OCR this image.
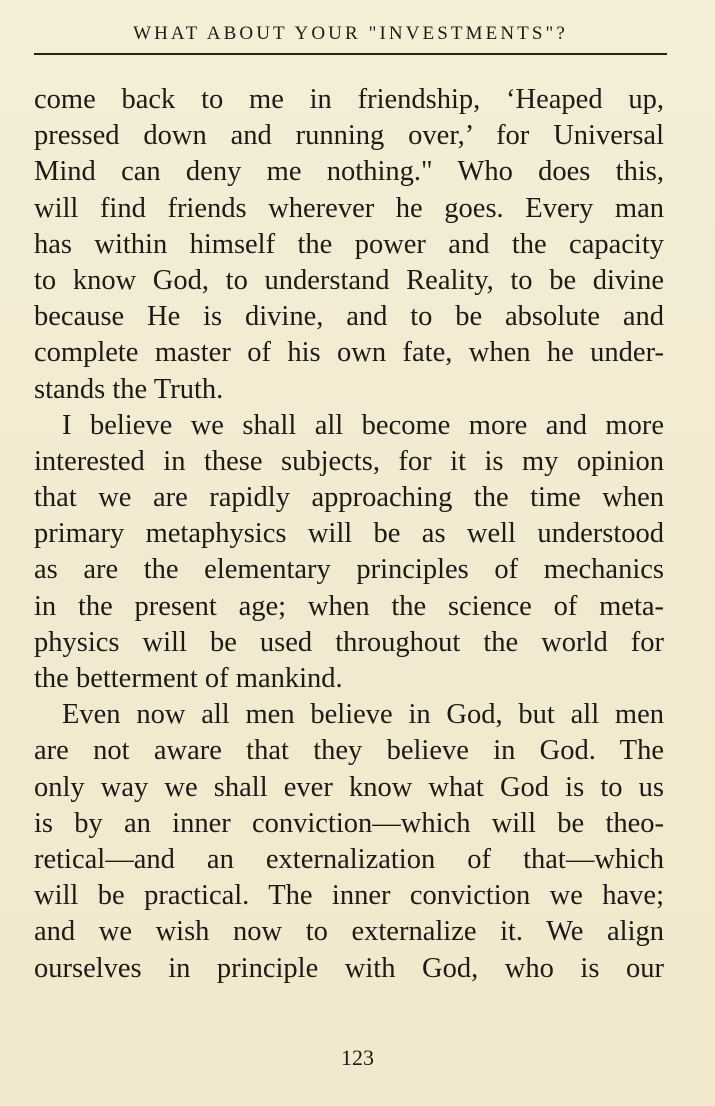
WHAT ABOUT YOUR "INVESTMENTS"?
come back to me in friendship, ‘Heaped up,
pressed down and running over,’ for Universal
Mind can deny me nothing." Who does this,
will find friends wherever he goes. Every man
has within himself the power and the capacity
to know God, to understand Reality, to be divine
because He is divine, and to be absolute and
complete master of his own fate, when he under-
stands the Truth.
I believe we shall all become more and more
interested in these subjects, for it is my opinion
that we are rapidly approaching the time when
primary metaphysics will be as well understood
as are the elementary principles of mechanics
in the present age; when the science of meta-
physics will be used throughout the world for
the betterment of mankind.
Even now all men believe in God, but all men
are not aware that they believe in God. The
only way we shall ever know what God is to us
is by an inner conviction—which will be theo-
retical—and an externalization of that—which
will be practical. The inner conviction we have;
and we wish now to externalize it. We align
ourselves in principle with God, who is our
123
